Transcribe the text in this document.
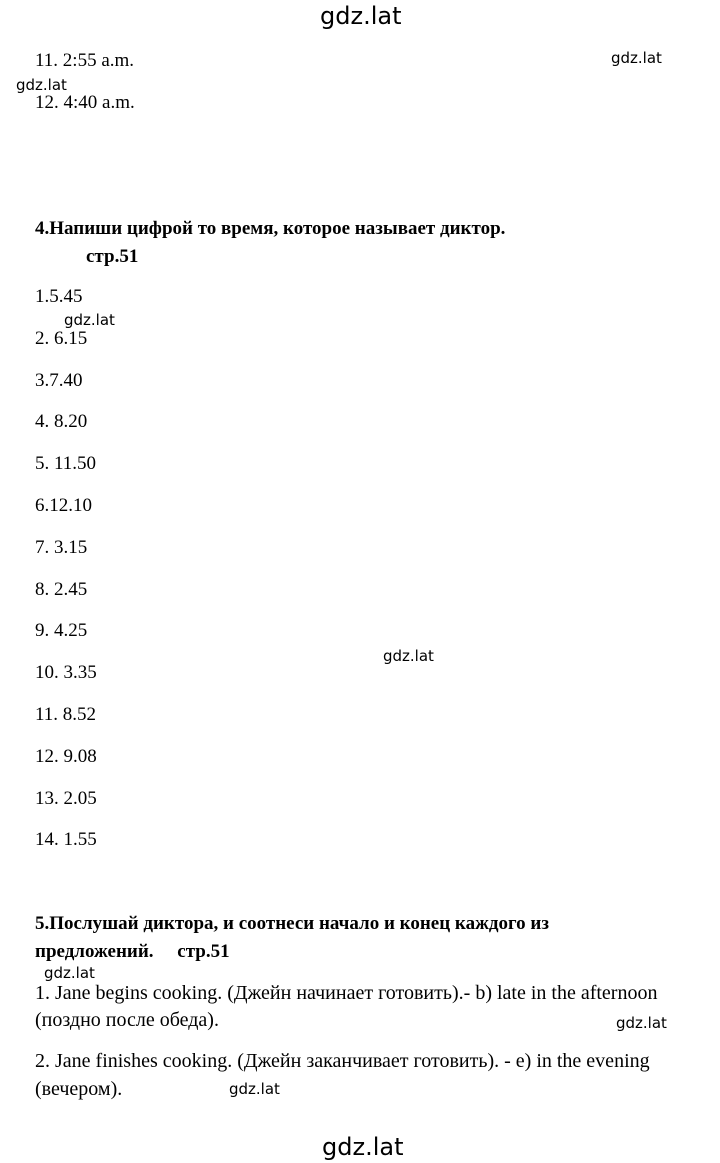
gdz.lat
gdz.lat
gdz.lat
gdz.lat
gdz.lat
gdz.lat
gdz.lat
gdz.lat
gdz.lat
11. 2:55 a.m.
12. 4:40 a.m.
4.Напиши цифрой то время, которое называет диктор.
стр.51
1.5.45
2. 6.15
3.7.40
4. 8.20
5. 11.50
6.12.10
7. 3.15
8. 2.45
9. 4.25
10. 3.35
11. 8.52
12. 9.08
13. 2.05
14. 1.55
5.Послушай диктора, и соотнеси начало и конец каждого из
предложений.     стр.51
1. Jane begins cooking. (Джейн начинает готовить).- b) late in the afternoon
(поздно после обеда).
2. Jane finishes cooking. (Джейн заканчивает готовить). - e) in the evening
(вечером).
